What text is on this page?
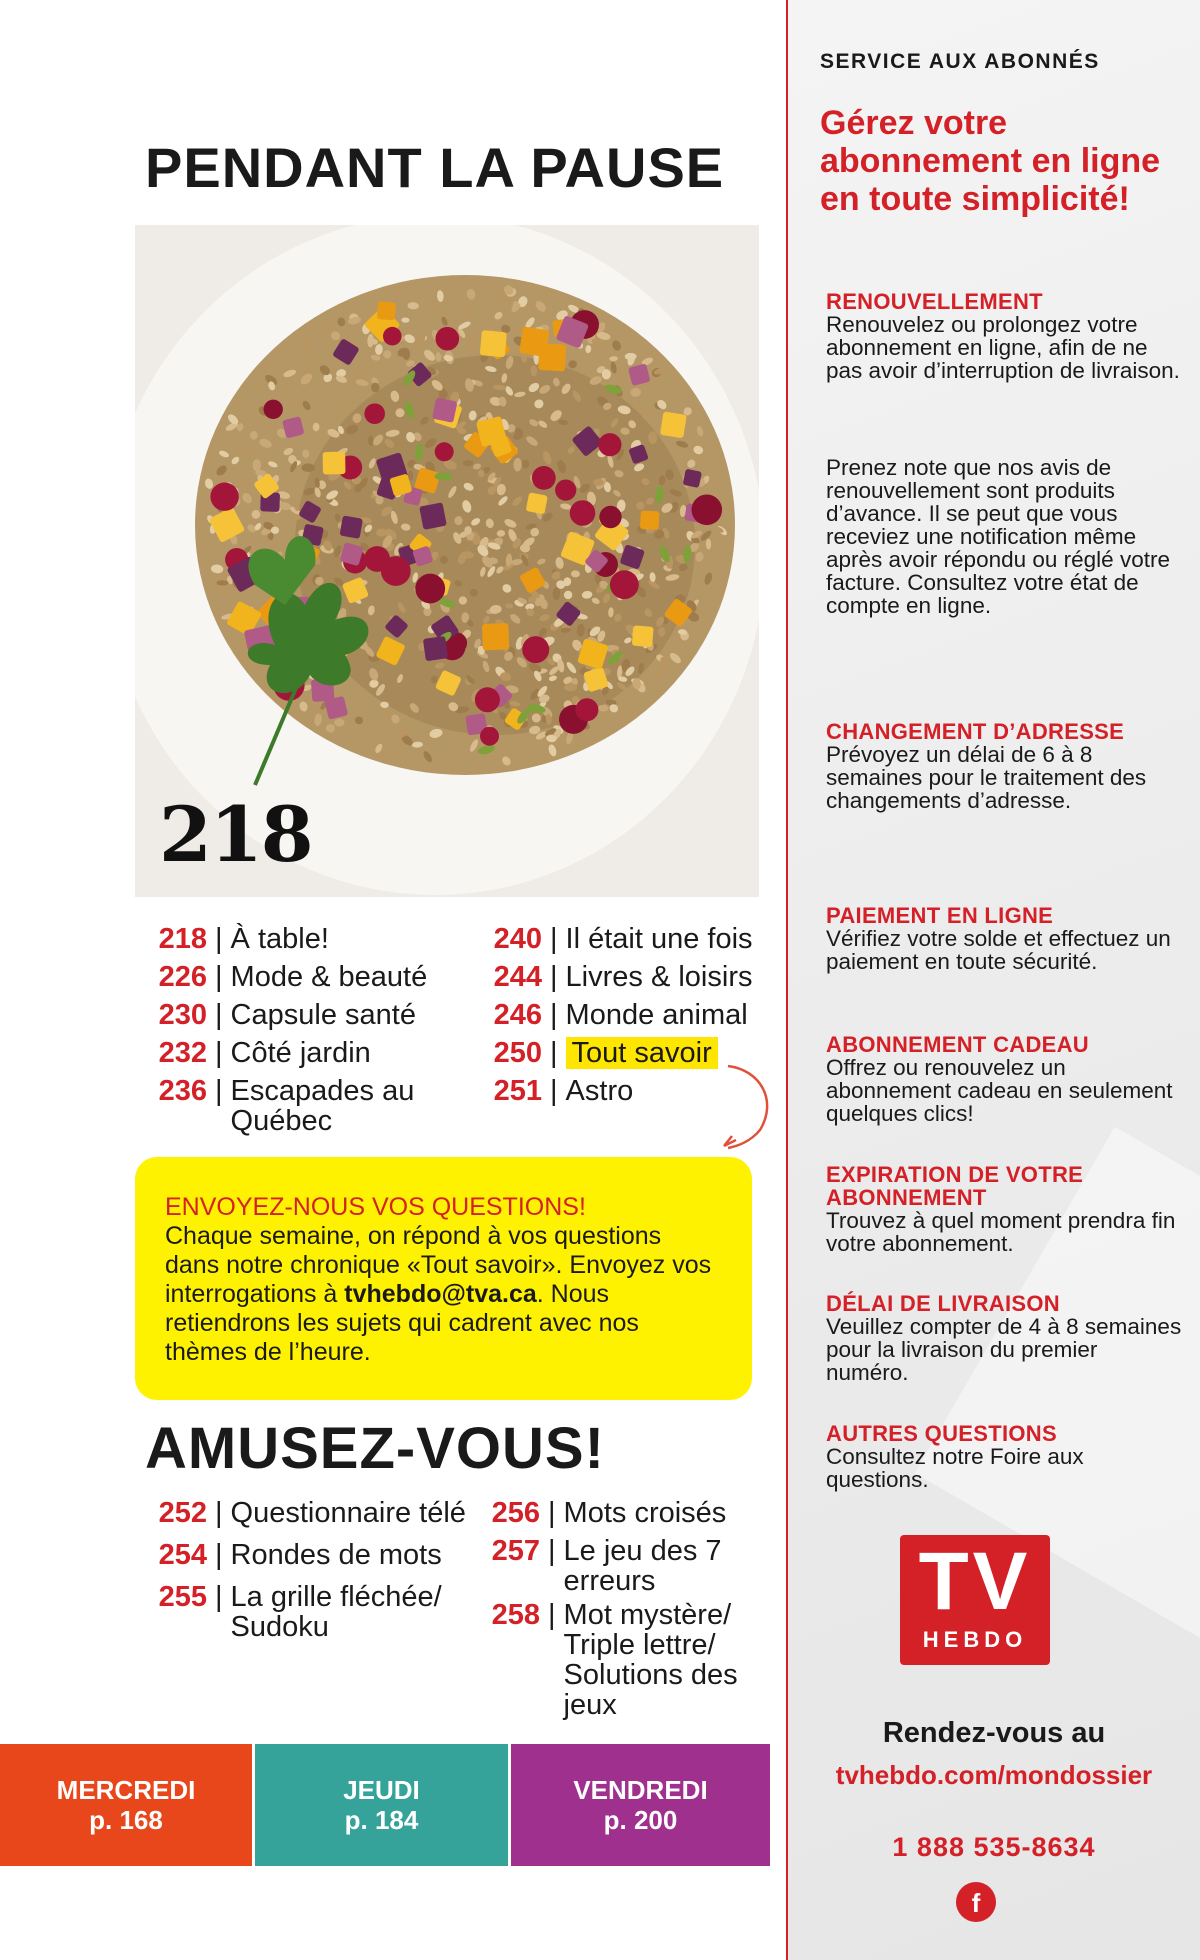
PENDANT LA PAUSE
218
218 | À table!
226 | Mode & beauté
230 | Capsule santé
232 | Côté jardin
236 | Escapades au Québec
240 | Il était une fois
244 | Livres & loisirs
246 | Monde animal
250 | Tout savoir
251 | Astro
ENVOYEZ-NOUS VOS QUESTIONS!
Chaque semaine, on répond à vos questions dans notre chronique «Tout savoir». Envoyez vos interrogations à tvhebdo@tva.ca. Nous retiendrons les sujets qui cadrent avec nos thèmes de l’heure.
AMUSEZ-VOUS!
252 | Questionnaire télé
254 | Rondes de mots
255 | La grille fléchée/ Sudoku
256 | Mots croisés
257 | Le jeu des 7 erreurs
258 | Mot mystère/ Triple lettre/ Solutions des jeux
MERCREDI
p. 168
JEUDI
p. 184
VENDREDI
p. 200
SERVICE AUX ABONNÉS
Gérez votre abonnement en ligne en toute simplicité!
RENOUVELLEMENT
Renouvelez ou prolongez votre abonnement en ligne, afin de ne pas avoir d’interruption de livraison.
Prenez note que nos avis de renouvellement sont produits d’avance. Il se peut que vous receviez une notification même après avoir répondu ou réglé votre facture. Consultez votre état de compte en ligne.
CHANGEMENT D’ADRESSE
Prévoyez un délai de 6 à 8 semaines pour le traitement des changements d’adresse.
PAIEMENT EN LIGNE
Vérifiez votre solde et effectuez un paiement en toute sécurité.
ABONNEMENT CADEAU
Offrez ou renouvelez un abonnement cadeau en seulement quelques clics!
EXPIRATION DE VOTRE ABONNEMENT
Trouvez à quel moment prendra fin votre abonnement.
DÉLAI DE LIVRAISON
Veuillez compter de 4 à 8 semaines pour la livraison du premier numéro.
AUTRES QUESTIONS
Consultez notre Foire aux questions.
TV
HEBDO
Rendez-vous au
tvhebdo.com/mondossier
1 888 535-8634
f
